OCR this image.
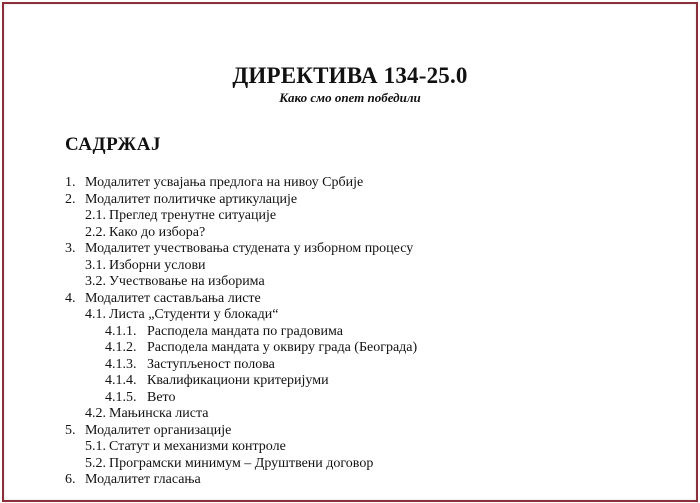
ДИРЕКТИВА 134-25.0
Како смо опет победили
САДРЖАЈ
1. Модалитет усвајања предлога на нивоу Србије
2. Модалитет политичке артикулације
2.1. Преглед тренутне ситуације
2.2. Како до избора?
3. Модалитет учествовања студената у изборном процесу
3.1. Изборни услови
3.2. Учествовање на изборима
4. Модалитет састављања листе
4.1. Листа „Студенти у блокади“
4.1.1. Расподела мандата по градовима
4.1.2. Расподела мандата у оквиру града (Београда)
4.1.3. Заступљеност полова
4.1.4. Квалификациони критеријуми
4.1.5. Вето
4.2. Мањинска листа
5. Модалитет организације
5.1. Статут и механизми контроле
5.2. Програмски минимум – Друштвени договор
6. Модалитет гласања
